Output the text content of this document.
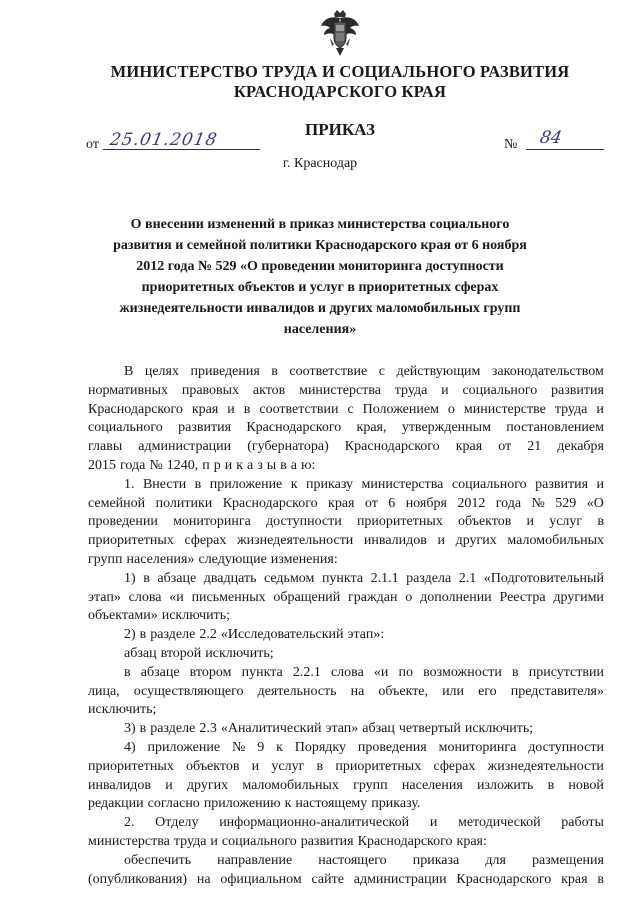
МИНИСТЕРСТВО ТРУДА И СОЦИАЛЬНОГО РАЗВИТИЯ
КРАСНОДАРСКОГО КРАЯ
ПРИКАЗ
от 25.01.2018	№ 84
г. Краснодар
О внесении изменений в приказ министерства социального
развития и семейной политики Краснодарского края от 6 ноября
2012 года № 529 «О проведении мониторинга доступности
приоритетных объектов и услуг в приоритетных сферах
жизнедеятельности инвалидов и других маломобильных групп
населения»
В целях приведения в соответствие с действующим законодательством
нормативных правовых актов министерства труда и социального развития
Краснодарского края и в соответствии с Положением о министерстве труда и
социального развития Краснодарского края, утвержденным постановлением
главы администрации (губернатора) Краснодарского края от 21 декабря
2015 года № 1240, п р и к а з ы в а ю:
1. Внести в приложение к приказу министерства социального развития и
семейной политики Краснодарского края от 6 ноября 2012 года № 529 «О
проведении мониторинга доступности приоритетных объектов и услуг в
приоритетных сферах жизнедеятельности инвалидов и других маломобильных
групп населения» следующие изменения:
1) в абзаце двадцать седьмом пункта 2.1.1 раздела 2.1 «Подготовительный
этап» слова «и письменных обращений граждан о дополнении Реестра другими
объектами» исключить;
2) в разделе 2.2 «Исследовательский этап»:
абзац второй исключить;
в абзаце втором пункта 2.2.1 слова «и по возможности в присутствии
лица, осуществляющего деятельность на объекте, или его представителя»
исключить;
3) в разделе 2.3 «Аналитический этап» абзац четвертый исключить;
4) приложение № 9 к Порядку проведения мониторинга доступности
приоритетных объектов и услуг в приоритетных сферах жизнедеятельности
инвалидов и других маломобильных групп населения изложить в новой
редакции согласно приложению к настоящему приказу.
2. Отделу информационно-аналитической и методической работы
министерства труда и социального развития Краснодарского края:
обеспечить направление настоящего приказа для размещения
(опубликования) на официальном сайте администрации Краснодарского края в
